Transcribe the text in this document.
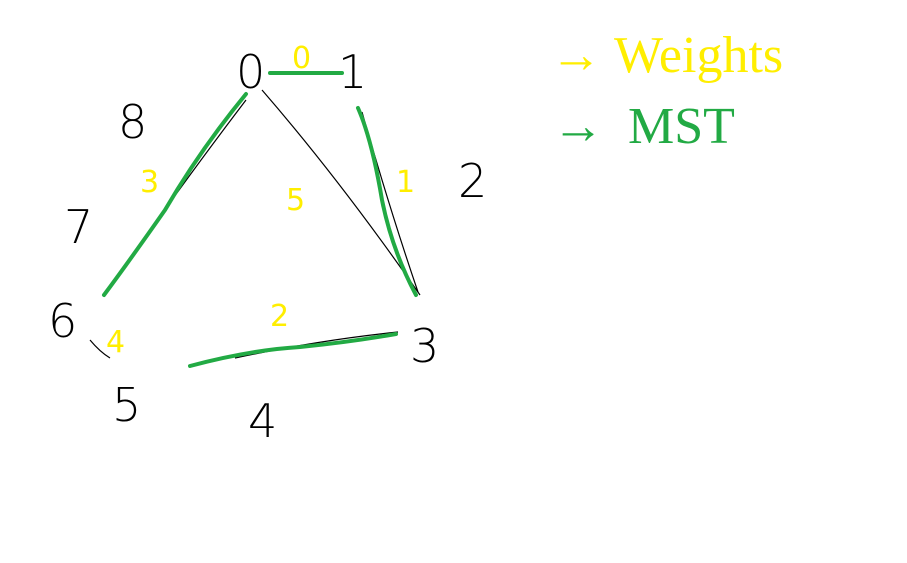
0 1
2
3
4
5
6
7
8
0
1
5
3
2
4
→ Weights
→ MST
